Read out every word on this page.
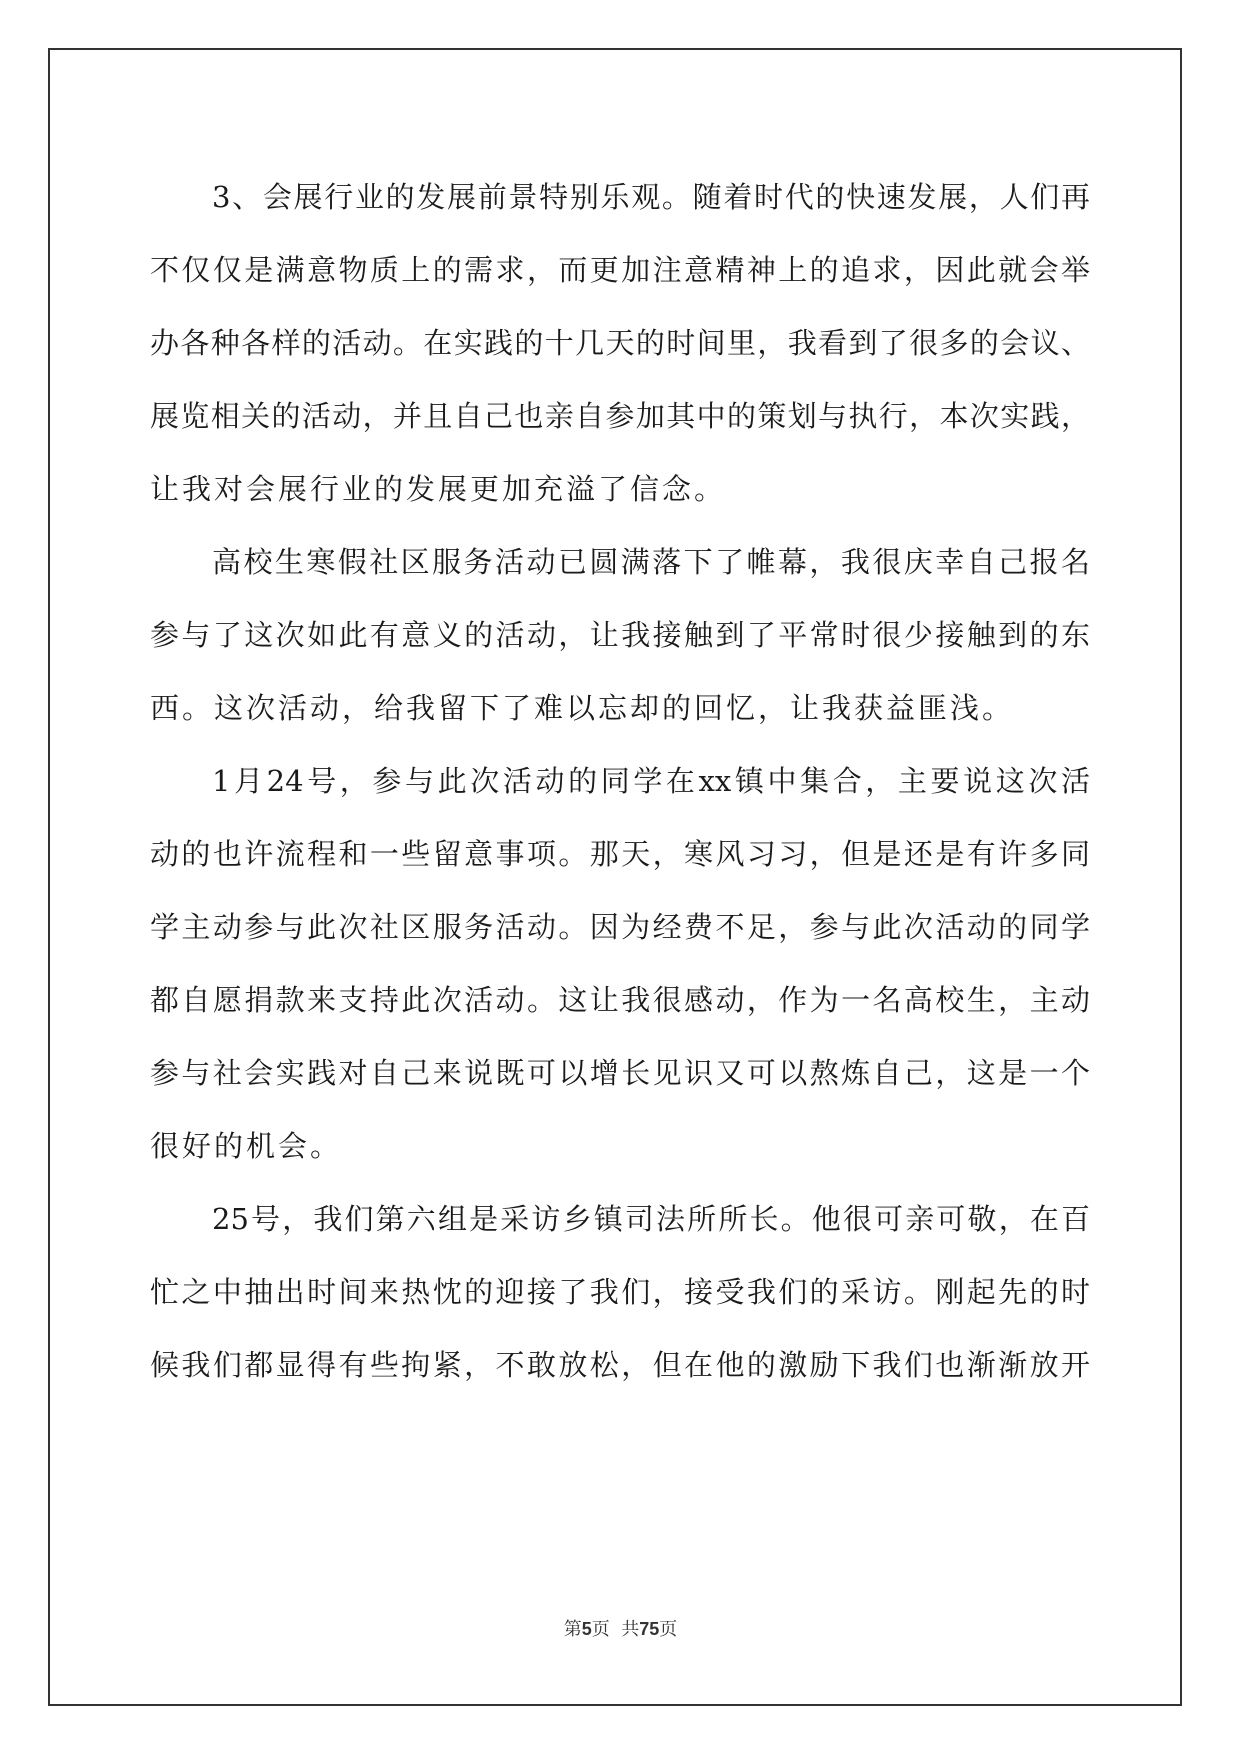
3、会展行业的发展前景特别乐观。随着时代的快速发展，人们再
不仅仅是满意物质上的需求，而更加注意精神上的追求，因此就会举
办各种各样的活动。在实践的十几天的时间里，我看到了很多的会议、
展览相关的活动，并且自己也亲自参加其中的策划与执行，本次实践，
让我对会展行业的发展更加充溢了信念。
高校生寒假社区服务活动已圆满落下了帷幕，我很庆幸自己报名
参与了这次如此有意义的活动，让我接触到了平常时很少接触到的东
西。这次活动，给我留下了难以忘却的回忆，让我获益匪浅。
1月24号，参与此次活动的同学在xx镇中集合，主要说这次活
动的也许流程和一些留意事项。那天，寒风习习，但是还是有许多同
学主动参与此次社区服务活动。因为经费不足，参与此次活动的同学
都自愿捐款来支持此次活动。这让我很感动，作为一名高校生，主动
参与社会实践对自己来说既可以增长见识又可以熬炼自己，这是一个
很好的机会。
25号，我们第六组是采访乡镇司法所所长。他很可亲可敬，在百
忙之中抽出时间来热忱的迎接了我们，接受我们的采访。刚起先的时
候我们都显得有些拘紧，不敢放松，但在他的激励下我们也渐渐放开
第5页  共75页
